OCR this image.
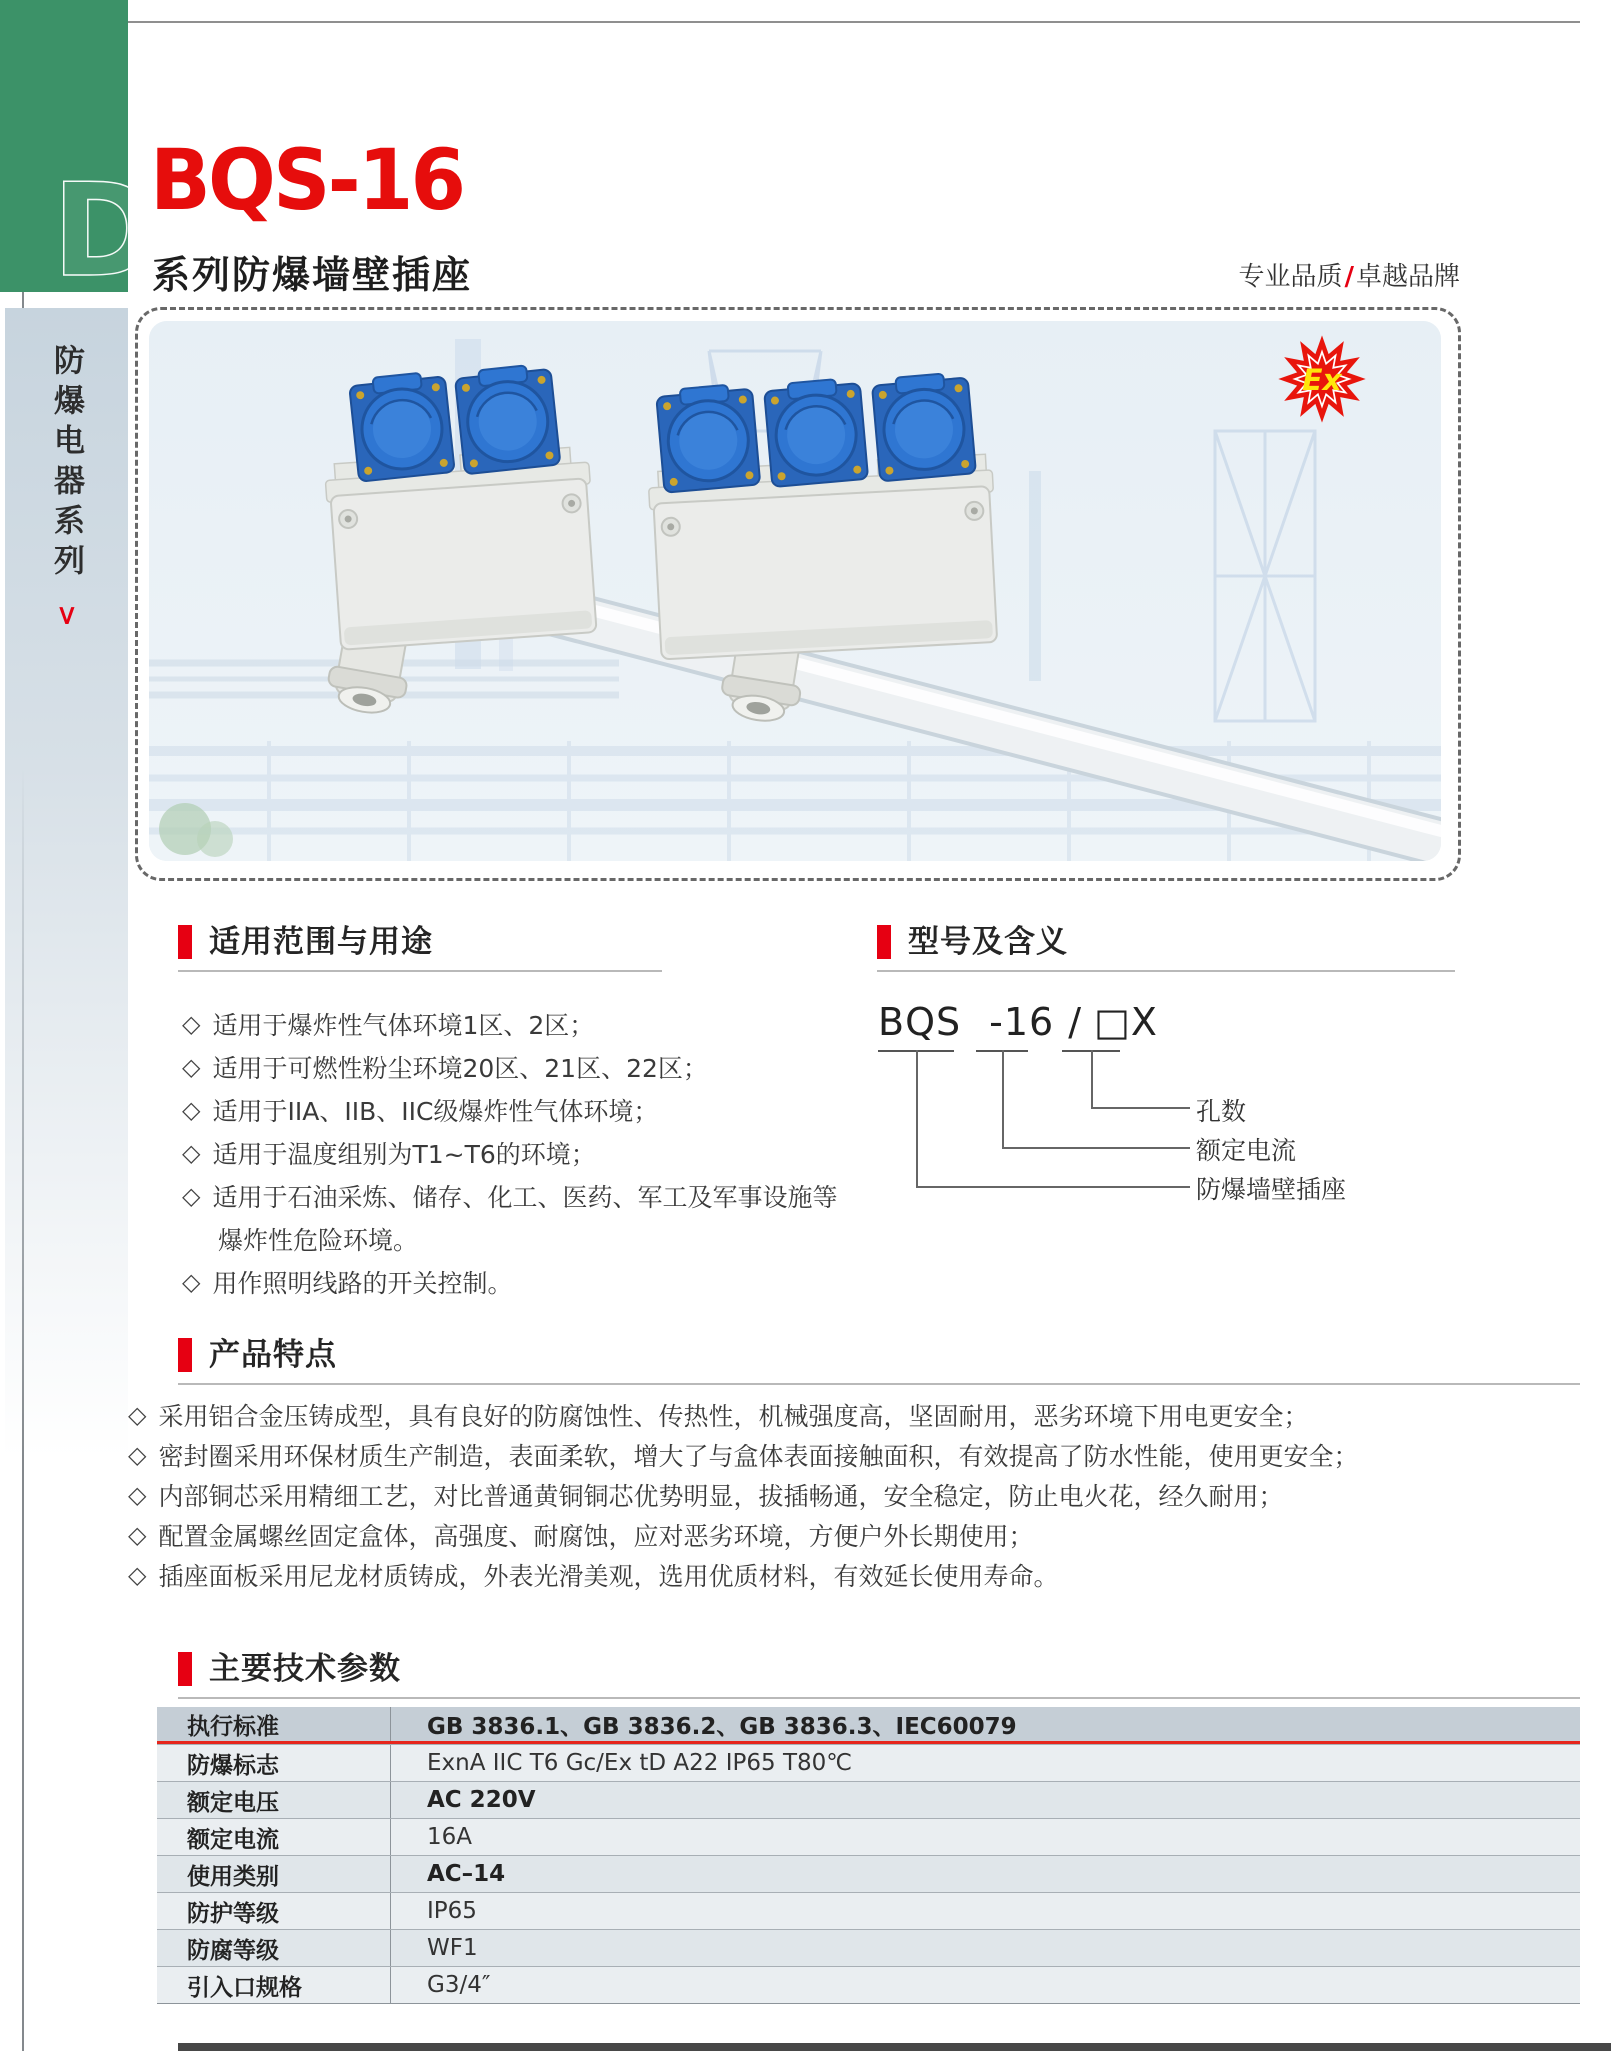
D
防爆电器系列
>
BQS-16
系列防爆墙壁插座	专业品质/卓越品牌
Ex
适用范围与用途
◇ 适用于爆炸性气体环境1区、2区；
◇ 适用于可燃性粉尘环境20区、21区、22区；
◇ 适用于IIA、IIB、IIC级爆炸性气体环境；
◇ 适用于温度组别为T1~T6的环境；
◇ 适用于石油采炼、储存、化工、医药、军工及军事设施等
爆炸性危险环境。
◇ 用作照明线路的开关控制。
型号及含义
BQS -16 / □X
孔数
额定电流
防爆墙壁插座
产品特点
◇ 采用铝合金压铸成型，具有良好的防腐蚀性、传热性，机械强度高，坚固耐用，恶劣环境下用电更安全；
◇ 密封圈采用环保材质生产制造，表面柔软，增大了与盒体表面接触面积，有效提高了防水性能，使用更安全；
◇ 内部铜芯采用精细工艺，对比普通黄铜铜芯优势明显，拔插畅通，安全稳定，防止电火花，经久耐用；
◇ 配置金属螺丝固定盒体，高强度、耐腐蚀，应对恶劣环境，方便户外长期使用；
◇ 插座面板采用尼龙材质铸成，外表光滑美观，选用优质材料，有效延长使用寿命。
主要技术参数
执行标准	GB 3836.1、GB 3836.2、GB 3836.3、IEC60079
防爆标志	ExnA IIC T6 Gc/Ex tD A22 IP65 T80℃
额定电压	AC 220V
额定电流	16A
使用类别	AC–14
防护等级	IP65
防腐等级	WF1
引入口规格	G3/4″
